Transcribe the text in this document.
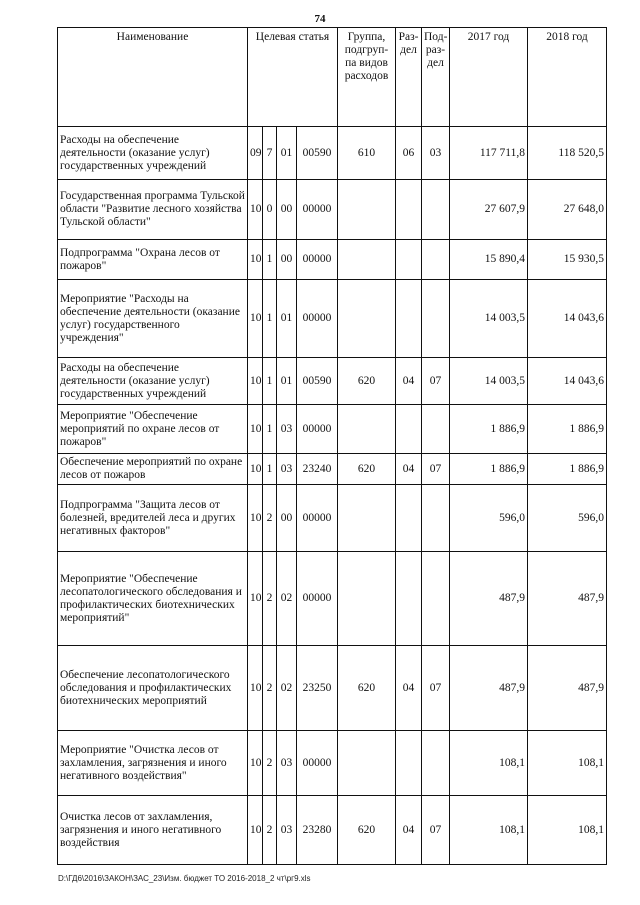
74
Наименование	Целевая статья				Группа, подгруп-па видов расходов	Раз-дел	Под-раз-дел	2017 год	2018 год
Расходы на обеспечение деятельности (оказание услуг) государственных учреждений	09	7	01	00590	610	06	03	117 711,8	118 520,5
Государственная программа Тульской области "Развитие лесного хозяйства Тульской области"	10	0	00	00000				27 607,9	27 648,0
Подпрограмма "Охрана лесов от пожаров"	10	1	00	00000				15 890,4	15 930,5
Мероприятие "Расходы на обеспечение деятельности (оказание услуг) государственного учреждения"	10	1	01	00000				14 003,5	14 043,6
Расходы на обеспечение деятельности (оказание услуг) государственных учреждений	10	1	01	00590	620	04	07	14 003,5	14 043,6
Мероприятие "Обеспечение мероприятий по охране лесов от пожаров"	10	1	03	00000				1 886,9	1 886,9
Обеспечение мероприятий по охране лесов от пожаров	10	1	03	23240	620	04	07	1 886,9	1 886,9
Подпрограмма "Защита лесов от болезней, вредителей леса и других негативных факторов"	10	2	00	00000				596,0	596,0
Мероприятие "Обеспечение лесопатологического обследования и профилактических биотехнических мероприятий"	10	2	02	00000				487,9	487,9
Обеспечение лесопатологического обследования и профилактических биотехнических мероприятий	10	2	02	23250	620	04	07	487,9	487,9
Мероприятие "Очистка лесов от захламления, загрязнения и иного негативного воздействия"	10	2	03	00000				108,1	108,1
Очистка лесов от захламления, загрязнения и иного негативного воздействия	10	2	03	23280	620	04	07	108,1	108,1
D:\ГД6\2016\ЗАКОН\ЗАС_23\Изм. бюджет ТО 2016-2018_2 чт\рг9.xls
